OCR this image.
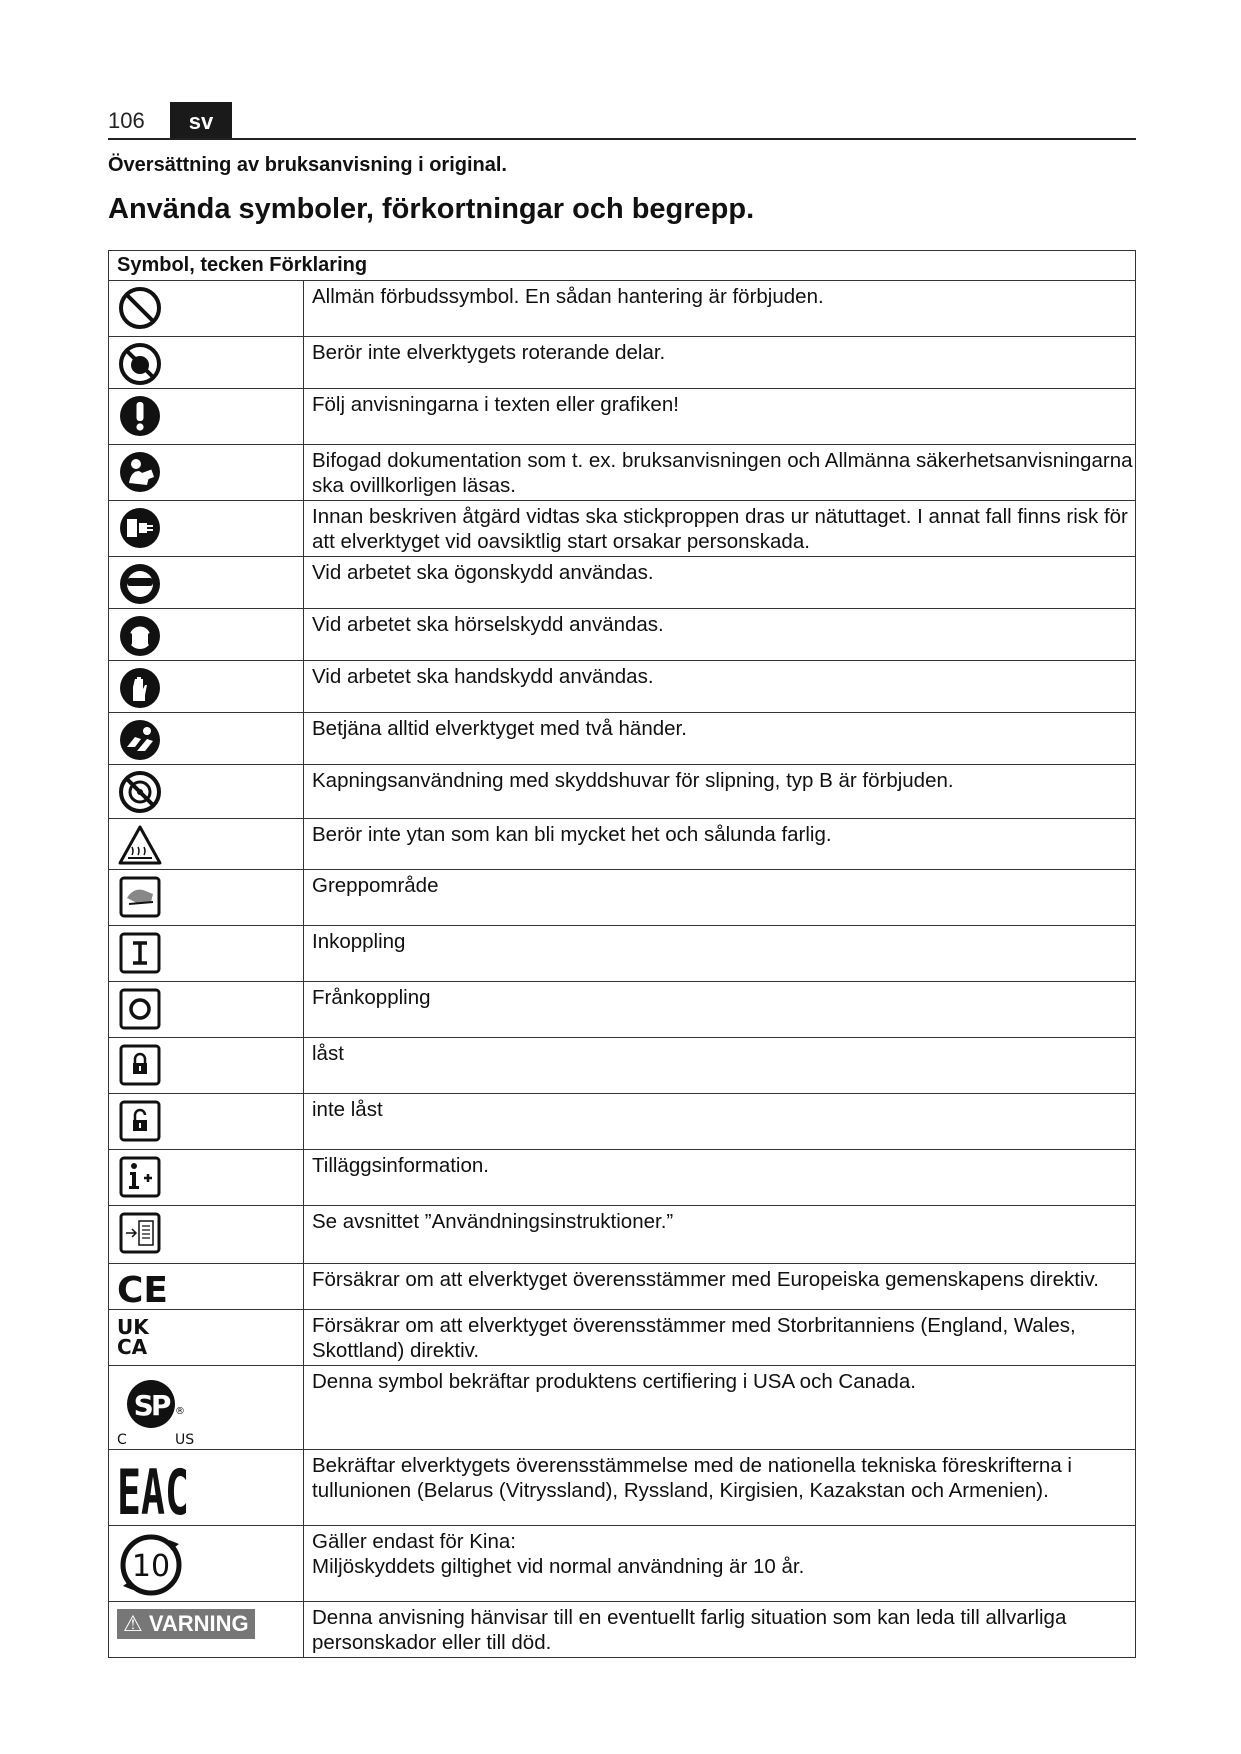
106	sv
Översättning av bruksanvisning i original.
Använda symboler, förkortningar och begrepp.
Symbol, tecken Förklaring	

	Allmän förbudssymbol. En sådan hantering är förbjuden.

	Berör inte elverktygets roterande delar.

	Följ anvisningarna i texten eller grafiken!

	Bifogad dokumentation som t. ex. bruksanvisningen och Allmänna säkerhetsanvisningarna ska ovillkorligen läsas.

	Innan beskriven åtgärd vidtas ska stickproppen dras ur nätuttaget. I annat fall finns risk för att elverktyget vid oavsiktlig start orsakar personskada.

	Vid arbetet ska ögonskydd användas.

	Vid arbetet ska hörselskydd användas.

	Vid arbetet ska handskydd användas.

	Betjäna alltid elverktyget med två händer.

	Kapningsanvändning med skyddshuvar för slipning, typ B är förbjuden.

	Berör inte ytan som kan bli mycket het och sålunda farlig.

	Greppområde

	Inkoppling

	Frånkoppling

	låst

	inte låst

	Tilläggsinformation.

	Se avsnittet ”Användningsinstruktioner.”

CE	Försäkrar om att elverktyget överensstämmer med Europeiska gemenskapens direktiv.

UK
CA	Försäkrar om att elverktyget överensstämmer med Storbritanniens (England, Wales, Skottland) direktiv.

SP ®
C US	Denna symbol bekräftar produktens certifiering i USA och Canada.

EAC	Bekräftar elverktygets överensstämmelse med de nationella tekniska föreskrifterna i tullunionen (Belarus (Vitryssland), Ryssland, Kirgisien, Kazakstan och Armenien).

10	Gäller endast för Kina:
Miljöskyddets giltighet vid normal användning är 10 år.
⚠ VARNING	Denna anvisning hänvisar till en eventuellt farlig situation som kan leda till allvarliga personskador eller till död.
